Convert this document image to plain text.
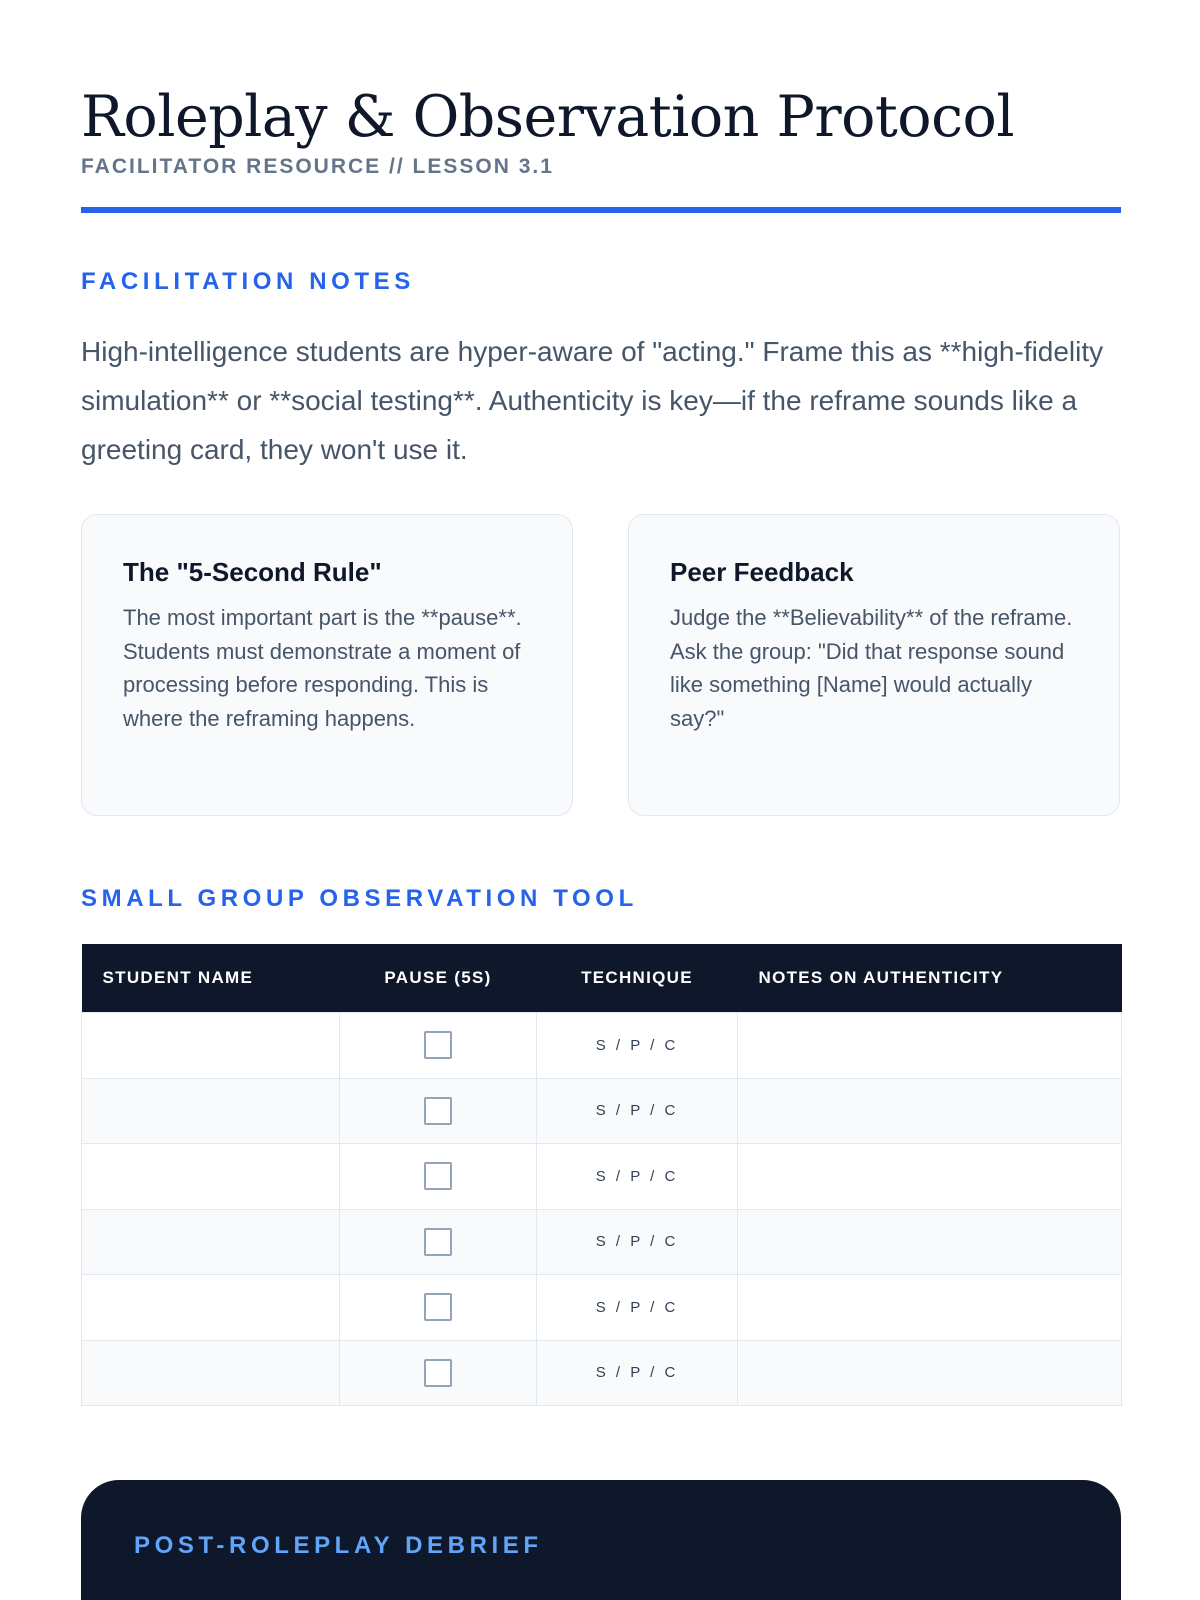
Roleplay & Observation Protocol
FACILITATOR RESOURCE // LESSON 3.1
FACILITATION NOTES

High-intelligence students are hyper-aware of "acting." Frame this as **high-fidelity simulation** or **social testing**. Authenticity is key—if the reframe sounds like a greeting card, they won't use it.

The "5-Second Rule"

The most important part is the **pause**. Students must demonstrate a moment of processing before responding. This is where the reframing happens.

Peer Feedback

Judge the **Believability** of the reframe. Ask the group: "Did that response sound like something [Name] would actually say?"

SMALL GROUP OBSERVATION TOOL
STUDENT NAME	PAUSE (5S)	TECHNIQUE	NOTES ON AUTHENTICITY
		S / P / C	
		S / P / C	
		S / P / C	
		S / P / C	
		S / P / C	
		S / P / C	
POST-ROLEPLAY DEBRIEF
